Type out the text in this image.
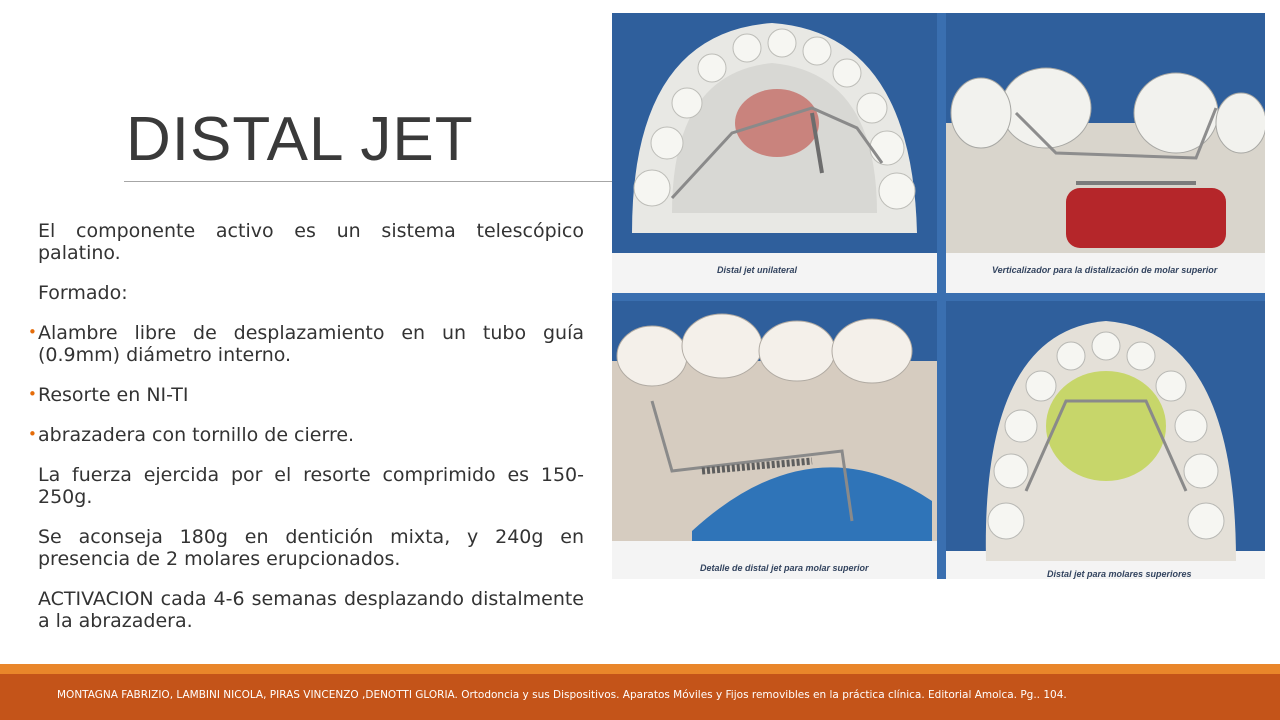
DISTAL JET

El componente activo es un sistema telescópico palatino.

Formado:

• Alambre libre de desplazamiento en un tubo guía (0.9mm) diámetro interno.
• Resorte en NI-TI
• abrazadera con tornillo de cierre.

La fuerza ejercida por el resorte comprimido es 150-250g.

Se aconseja 180g en dentición mixta, y 240g en presencia de 2 molares erupcionados.

ACTIVACION cada 4-6 semanas desplazando distalmente a la abrazadera.

Distal jet unilateral	Verticalizador para la distalización de molar superior
Detalle de distal jet para molar superior
Distal jet para molares superiores
MONTAGNA FABRIZIO, LAMBINI NICOLA, PIRAS VINCENZO ,DENOTTI GLORIA. Ortodoncia y sus Dispositivos. Aparatos Móviles y Fijos removibles en la práctica clínica. Editorial Amolca. Pg.. 104.
